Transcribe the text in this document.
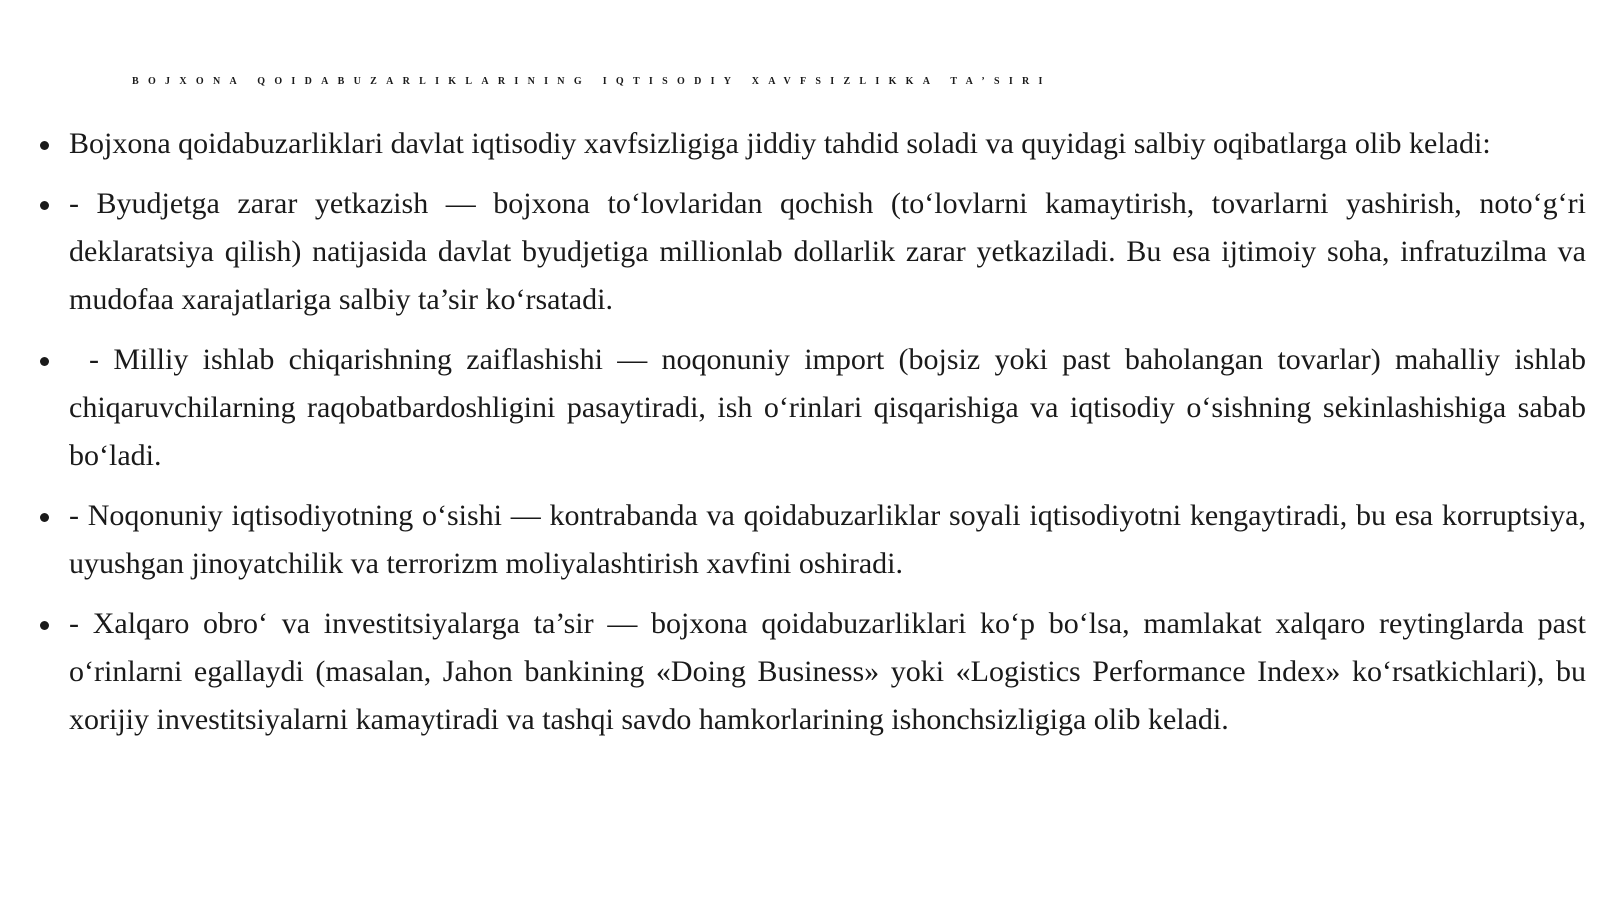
BOJXONA QOIDABUZARLIKLARINING IQTISODIY XAVFSIZLIKKA TA’SIRI
Bojxona qoidabuzarliklari davlat iqtisodiy xavfsizligiga jiddiy tahdid soladi va quyidagi salbiy oqibatlarga olib keladi:
- Byudjetga zarar yetkazish — bojxona to‘lovlaridan qochish (to‘lovlarni kamaytirish, tovarlarni yashirish, noto‘g‘ri deklaratsiya qilish) natijasida davlat byudjetiga millionlab dollarlik zarar yetkaziladi. Bu esa ijtimoiy soha, infratuzilma va mudofaa xarajatlariga salbiy ta’sir ko‘rsatadi.
- Milliy ishlab chiqarishning zaiflashishi — noqonuniy import (bojsiz yoki past baholangan tovarlar) mahalliy ishlab chiqaruvchilarning raqobatbardoshligini pasaytiradi, ish o‘rinlari qisqarishiga va iqtisodiy o‘sishning sekinlashishiga sabab bo‘ladi.
- Noqonuniy iqtisodiyotning o‘sishi — kontrabanda va qoidabuzarliklar soyali iqtisodiyotni kengaytiradi, bu esa korruptsiya, uyushgan jinoyatchilik va terrorizm moliyalashtirish xavfini oshiradi.
- Xalqaro obro‘ va investitsiyalarga ta’sir — bojxona qoidabuzarliklari ko‘p bo‘lsa, mamlakat xalqaro reytinglarda past o‘rinlarni egallaydi (masalan, Jahon bankining «Doing Business» yoki «Logistics Performance Index» ko‘rsatkichlari), bu xorijiy investitsiyalarni kamaytiradi va tashqi savdo hamkorlarining ishonchsizligiga olib keladi.
